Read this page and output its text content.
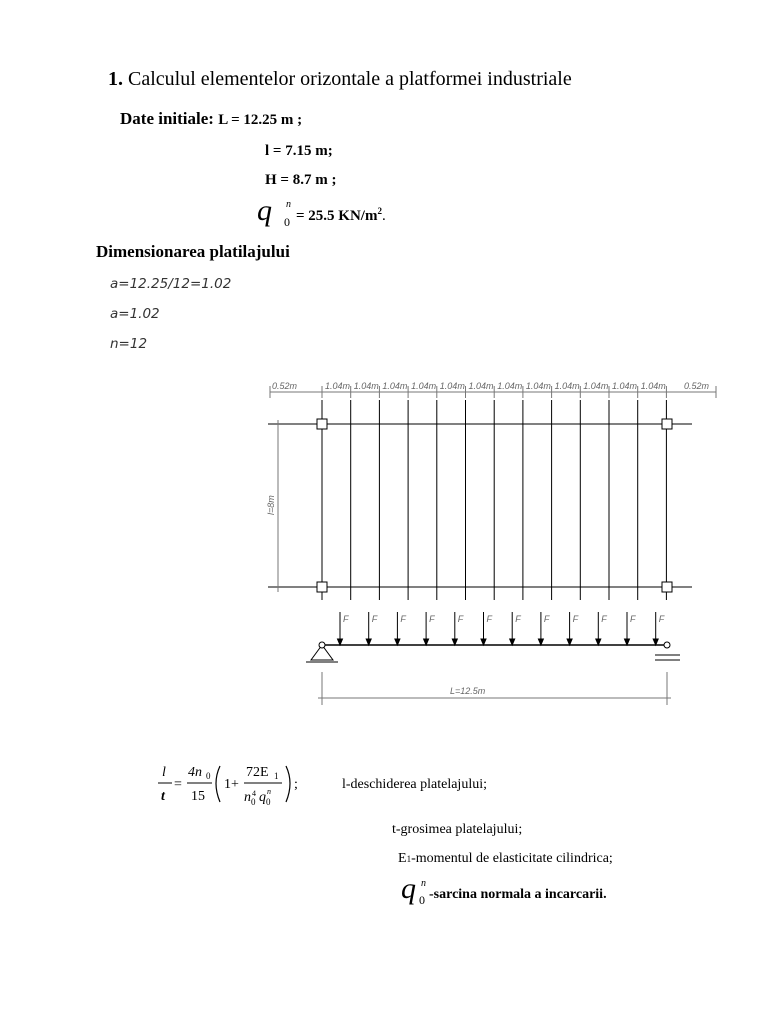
1. Calculul elementelor orizontale a platformei industriale
Date initiale: L = 12.25 m ;
l = 7.15 m;
H = 8.7 m ;
q n
0 = 25.5 $KN/m^2$.
Dimensionarea platilajului
a=12.25/12=1.02
a=1.02
n=12
0.52m	0.52m
l=8m
L=12.5m
1.04m 1.04m 1.04m 1.04m 1.04m 1.04m 1.04m 1.04m 1.04m 1.04m 1.04m 1.04m
F	F	F	F	F	F	F	F	F	F	F	F
l
t
=
4n 0
15
1+
72E 1
n 4
0 q n
0
;	l-deschiderea platelajului;
t-grosimea platelajului;
E1-momentul de elasticitate cilindrica;
q n
0 -sarcina normala a incarcarii.
